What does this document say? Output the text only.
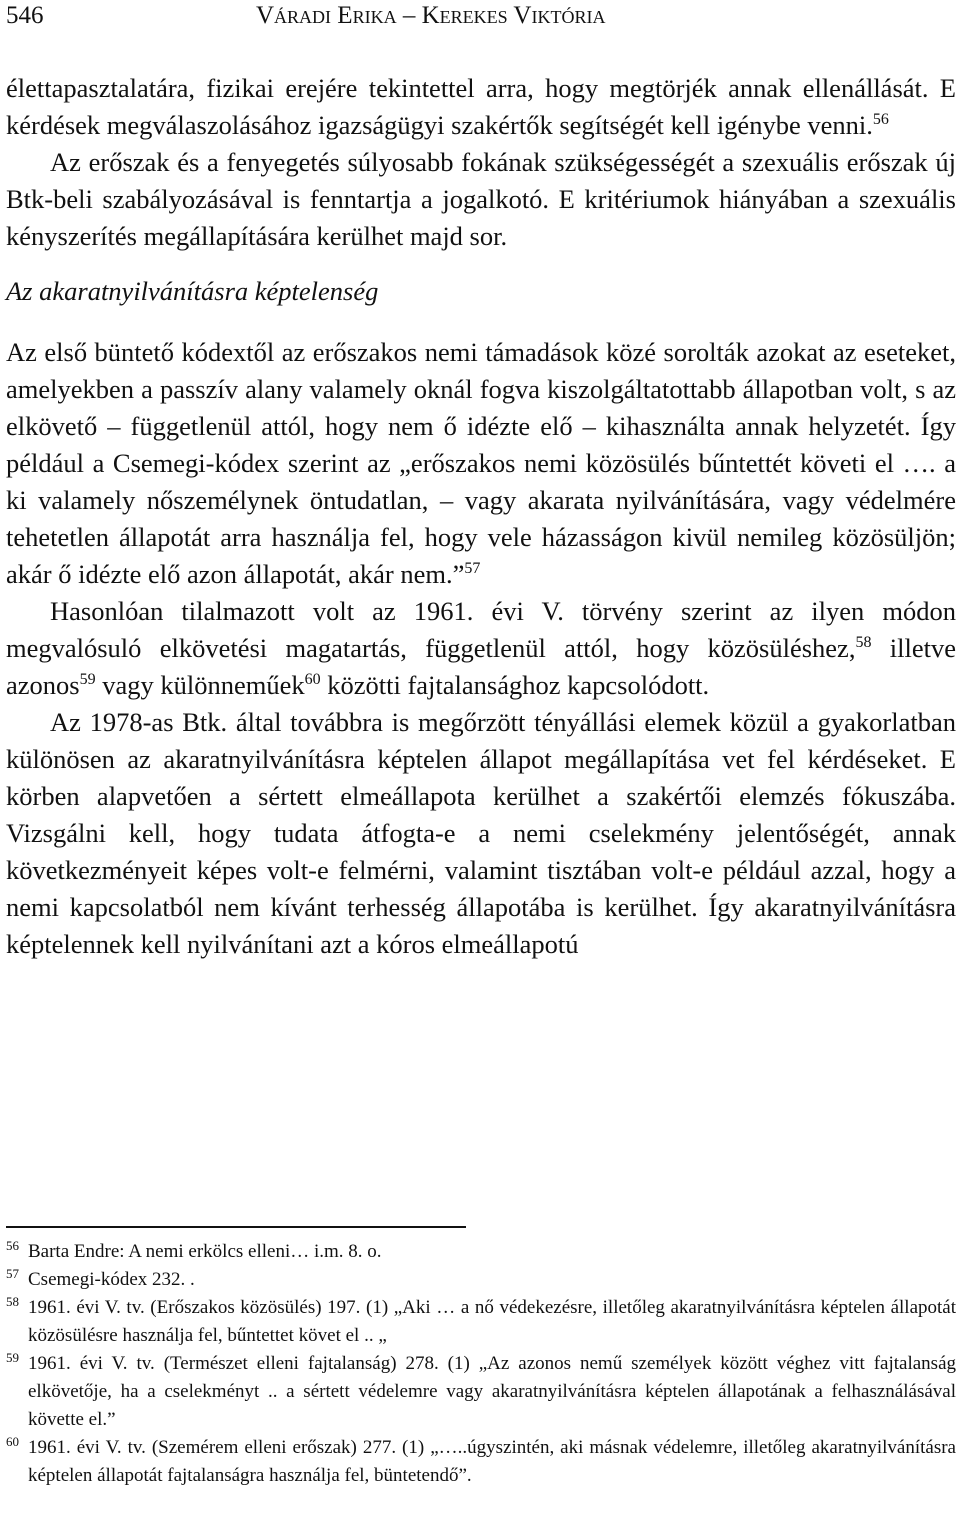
546	Váradi Erika – Kerekes Viktória

élettapasztalatára, fizikai erejére tekintettel arra, hogy megtörjék annak ellenállását. E kérdések megválaszolásához igazságügyi szakértők segítségét kell igénybe venni.$^{56}$

Az erőszak és a fenyegetés súlyosabb fokának szükségességét a szexuális erőszak új Btk-beli szabályozásával is fenntartja a jogalkotó. E kritériumok hiányában a szexuális kényszerítés megállapítására kerülhet majd sor.

Az akaratnyilvánításra képtelenség

Az első büntető kódextől az erőszakos nemi támadások közé sorolták azokat az eseteket, amelyekben a passzív alany valamely oknál fogva kiszolgáltatottabb állapotban volt, s az elkövető – függetlenül attól, hogy nem ő idézte elő – kihasználta annak helyzetét. Így például a Csemegi-kódex szerint az „erőszakos nemi közösülés bűntettét követi el …. a ki valamely nőszemélynek öntudatlan, – vagy akarata nyilvánítására, vagy védelmére tehetetlen állapotát arra használja fel, hogy vele házasságon kivül nemileg közösüljön; akár ő idézte elő azon állapotát, akár nem.”$^{57}$

Hasonlóan tilalmazott volt az 1961. évi V. törvény szerint az ilyen módon megvalósuló elkövetési magatartás, függetlenül attól, hogy közösüléshez,$^{58}$ illetve azonos$^{59}$ vagy különneműek$^{60}$ közötti fajtalansághoz kapcsolódott.

Az 1978-as Btk. által továbbra is megőrzött tényállási elemek közül a gyakorlatban különösen az akaratnyilvánításra képtelen állapot megállapítása vet fel kérdéseket. E körben alapvetően a sértett elmeállapota kerülhet a szakértői elemzés fókuszába. Vizsgálni kell, hogy tudata átfogta-e a nemi cselekmény jelentőségét, annak következményeit képes volt-e felmérni, valamint tisztában volt-e például azzal, hogy a nemi kapcsolatból nem kívánt terhesség állapotába is kerülhet. Így akaratnyilvánításra képtelennek kell nyilvánítani azt a kóros elmeállapotú

56 Barta Endre: A nemi erkölcs elleni… i.m. 8. o.

57 Csemegi-kódex 232. .

58 1961. évi V. tv. (Erőszakos közösülés) 197. (1) „Aki … a nő védekezésre, illetőleg akaratnyilvánításra képtelen állapotát közösülésre használja fel, bűntettet követ el .. „

59 1961. évi V. tv. (Természet elleni fajtalanság) 278. (1) „Az azonos nemű személyek között véghez vitt fajtalanság elkövetője, ha a cselekményt .. a sértett védelemre vagy akaratnyilvánításra képtelen állapotának a felhasználásával követte el.”

60 1961. évi V. tv. (Szemérem elleni erőszak) 277. (1) „…..úgyszintén, aki másnak védelemre, illetőleg akaratnyilvánításra képtelen állapotát fajtalanságra használja fel, büntetendő”.
